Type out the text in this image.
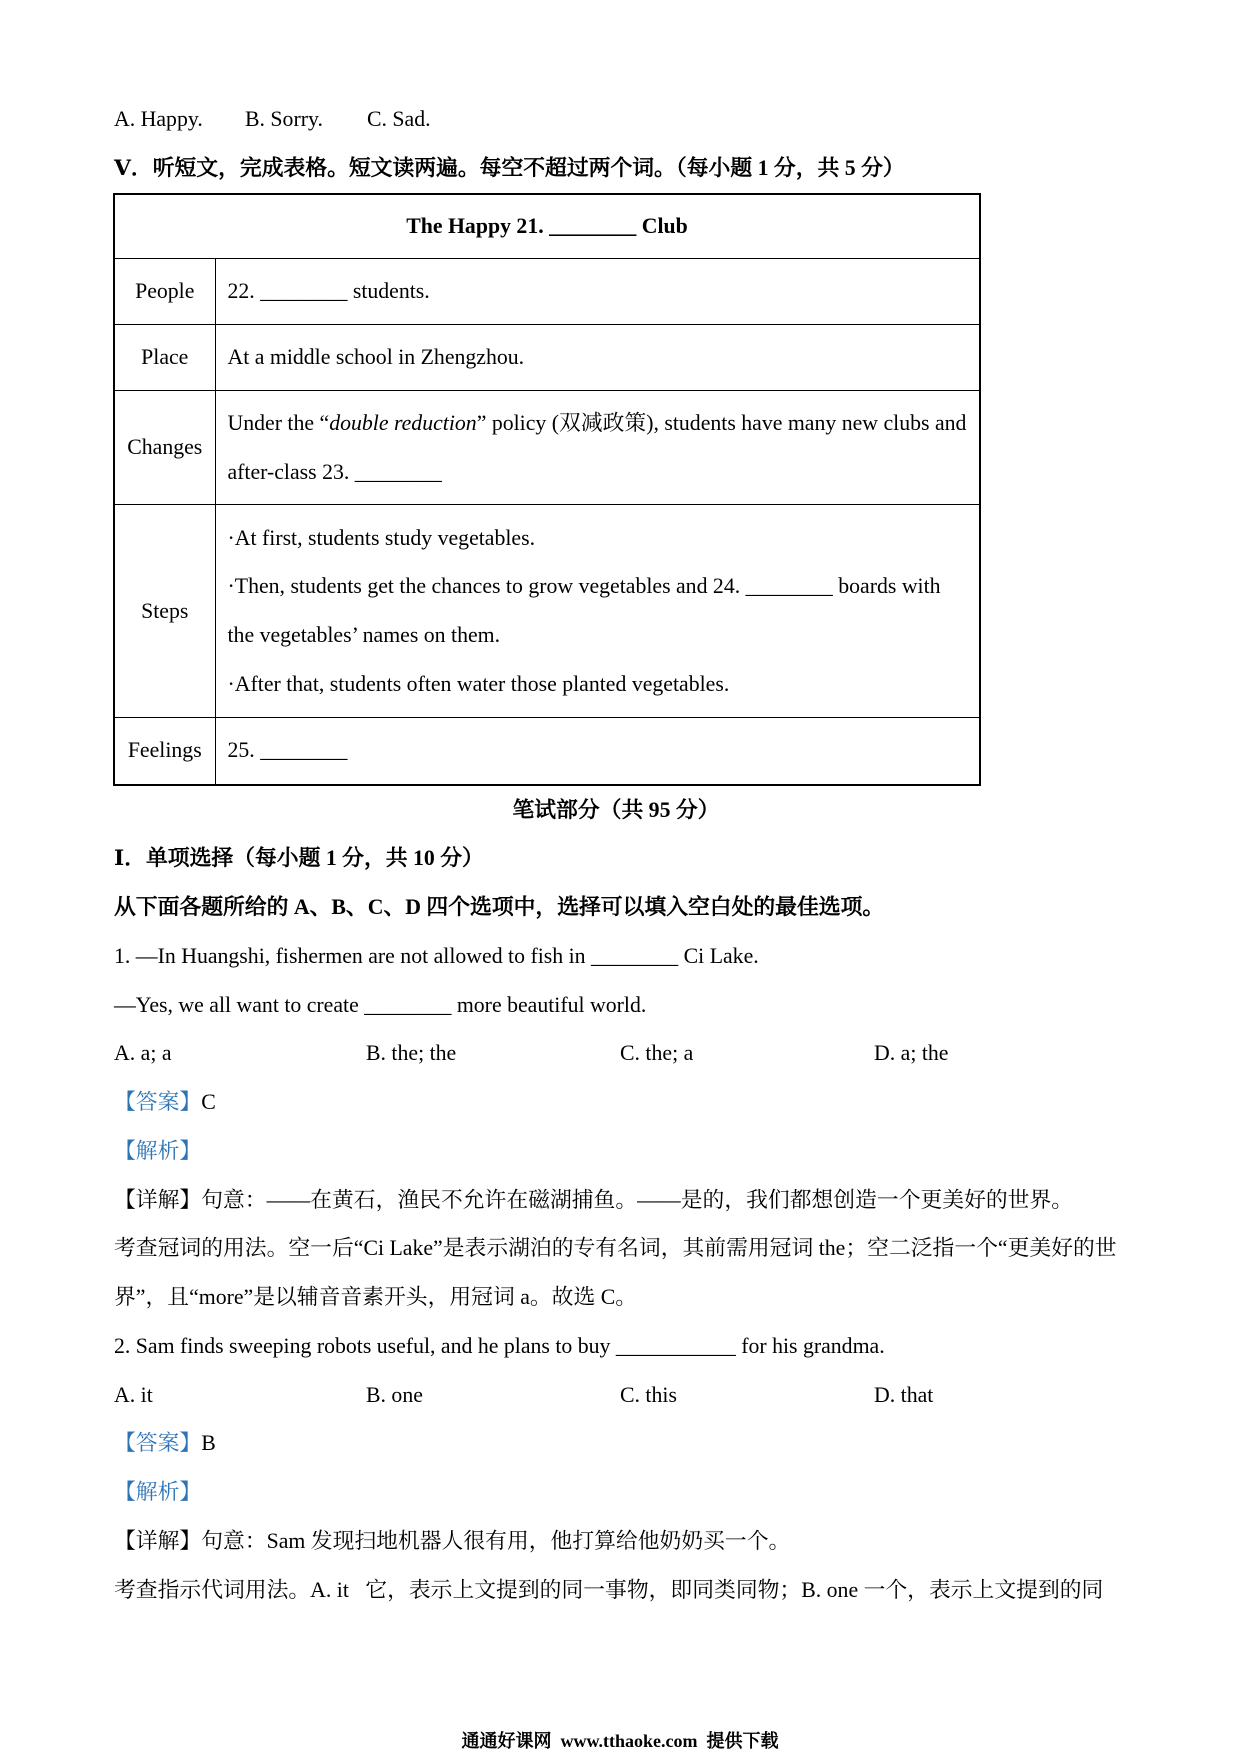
A. Happy. B. Sorry. C. Sad.
Ⅴ．听短文，完成表格。短文读两遍。每空不超过两个词。（每小题 1 分，共 5 分）
The Happy 21. ________ Club	
People	22. ________ students.

Place	At a middle school in Zhengzhou.

Changes	Under the “double reduction” policy (双减政策), students have many new clubs and
after-class 23. ________

Steps	·At first, students study vegetables.
·Then, students get the chances to grow vegetables and 24. ________ boards with
the vegetables’ names on them.
·After that, students often water those planted vegetables.

Feelings	25. ________
笔试部分（共 95 分）
Ⅰ．单项选择（每小题 1 分，共 10 分）
从下面各题所给的 A、B、C、D 四个选项中，选择可以填入空白处的最佳选项。
1. —In Huangshi, fishermen are not allowed to fish in ________ Ci Lake.
—Yes, we all want to create ________ more beautiful world.
A. a; a	B. the; the	C. the; a	D. a; the
【答案】C
【解析】
【详解】句意：——在黄石，渔民不允许在磁湖捕鱼。——是的，我们都想创造一个更美好的世界。
考查冠词的用法。空一后“Ci Lake”是表示湖泊的专有名词，其前需用冠词 the；空二泛指一个“更美好的世
界”，且“more”是以辅音音素开头，用冠词 a。故选 C。
2. Sam finds sweeping robots useful, and he plans to buy ___________ for his grandma.
A. it	B. one	C. this	D. that
【答案】B
【解析】
【详解】句意：Sam 发现扫地机器人很有用，他打算给他奶奶买一个。
考查指示代词用法。A. it   它，表示上文提到的同一事物，即同类同物；B. one 一个，表示上文提到的同
通通好课网  www.tthaoke.com  提供下载
